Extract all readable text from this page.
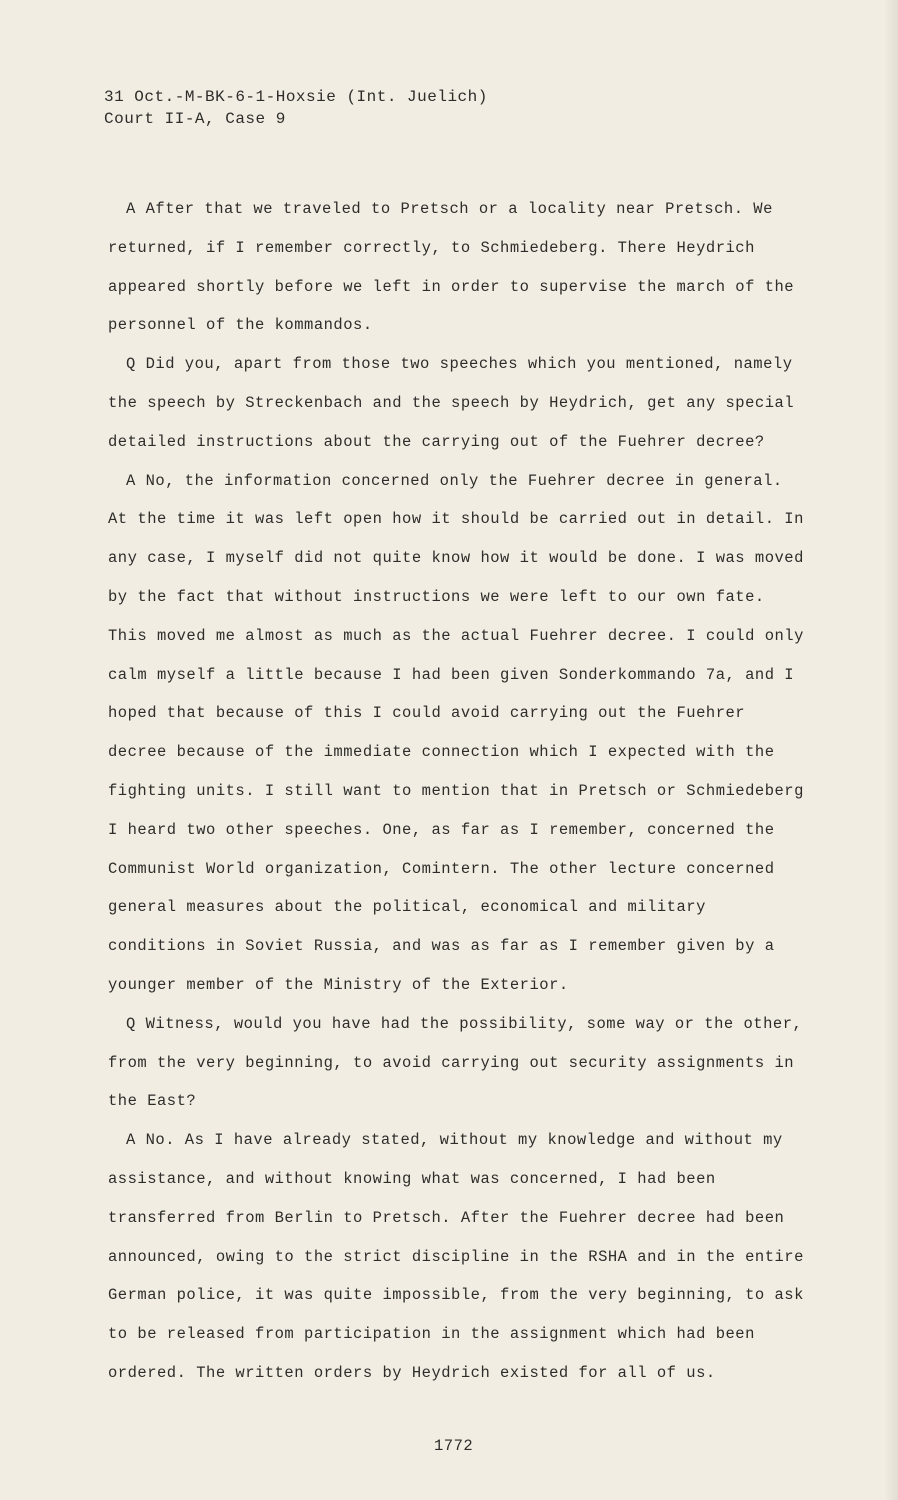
31 Oct.-M-BK-6-1-Hoxsie (Int. Juelich)
Court II-A, Case 9

A After that we traveled to Pretsch or a locality near Pretsch. We returned, if I remember correctly, to Schmiedeberg. There Heydrich appeared shortly before we left in order to supervise the march of the personnel of the kommandos.

Q Did you, apart from those two speeches which you mentioned, namely the speech by Streckenbach and the speech by Heydrich, get any special detailed instructions about the carrying out of the Fuehrer decree?

A No, the information concerned only the Fuehrer decree in general. At the time it was left open how it should be carried out in detail. In any case, I myself did not quite know how it would be done. I was moved by the fact that without instructions we were left to our own fate. This moved me almost as much as the actual Fuehrer decree. I could only calm myself a little because I had been given Sonderkommando 7a, and I hoped that because of this I could avoid carrying out the Fuehrer decree because of the immediate connection which I expected with the fighting units. I still want to mention that in Pretsch or Schmiedeberg I heard two other speeches. One, as far as I remember, concerned the Communist World organization, Comintern. The other lecture concerned general measures about the political, economical and military conditions in Soviet Russia, and was as far as I remember given by a younger member of the Ministry of the Exterior.

Q Witness, would you have had the possibility, some way or the other, from the very beginning, to avoid carrying out security assignments in the East?

A No. As I have already stated, without my knowledge and without my assistance, and without knowing what was concerned, I had been transferred from Berlin to Pretsch. After the Fuehrer decree had been announced, owing to the strict discipline in the RSHA and in the entire German police, it was quite impossible, from the very beginning, to ask to be released from participation in the assignment which had been ordered. The written orders by Heydrich existed for all of us.

1772
